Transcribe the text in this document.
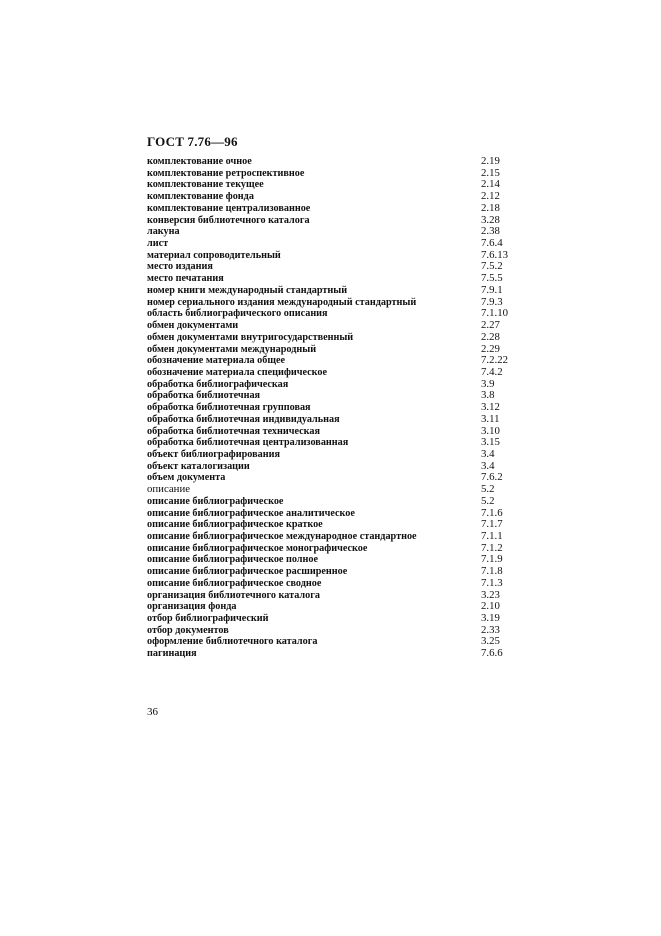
ГОСТ 7.76—96
комплектование очное	2.19
комплектование ретроспективное	2.15
комплектование текущее	2.14
комплектование фонда	2.12
комплектование централизованное	2.18
конверсия библиотечного каталога	3.28
лакуна	2.38
лист	7.6.4
материал сопроводительный	7.6.13
место издания	7.5.2
место печатания	7.5.5
номер книги международный стандартный	7.9.1
номер сериального издания международный стандартный	7.9.3
область библиографического описания	7.1.10
обмен документами	2.27
обмен документами внутригосударственный	2.28
обмен документами международный	2.29
обозначение материала общее	7.2.22
обозначение материала специфическое	7.4.2
обработка библиографическая	3.9
обработка библиотечная	3.8
обработка библиотечная групповая	3.12
обработка библиотечная индивидуальная	3.11
обработка библиотечная техническая	3.10
обработка библиотечная централизованная	3.15
объект библиографирования	3.4
объект каталогизации	3.4
объем документа	7.6.2
описание	5.2
описание библиографическое	5.2
описание библиографическое аналитическое	7.1.6
описание библиографическое краткое	7.1.7
описание библиографическое международное стандартное	7.1.1
описание библиографическое монографическое	7.1.2
описание библиографическое полное	7.1.9
описание библиографическое расширенное	7.1.8
описание библиографическое сводное	7.1.3
организация библиотечного каталога	3.23
организация фонда	2.10
отбор библиографический	3.19
отбор документов	2.33
оформление библиотечного каталога	3.25
пагинация	7.6.6
36
